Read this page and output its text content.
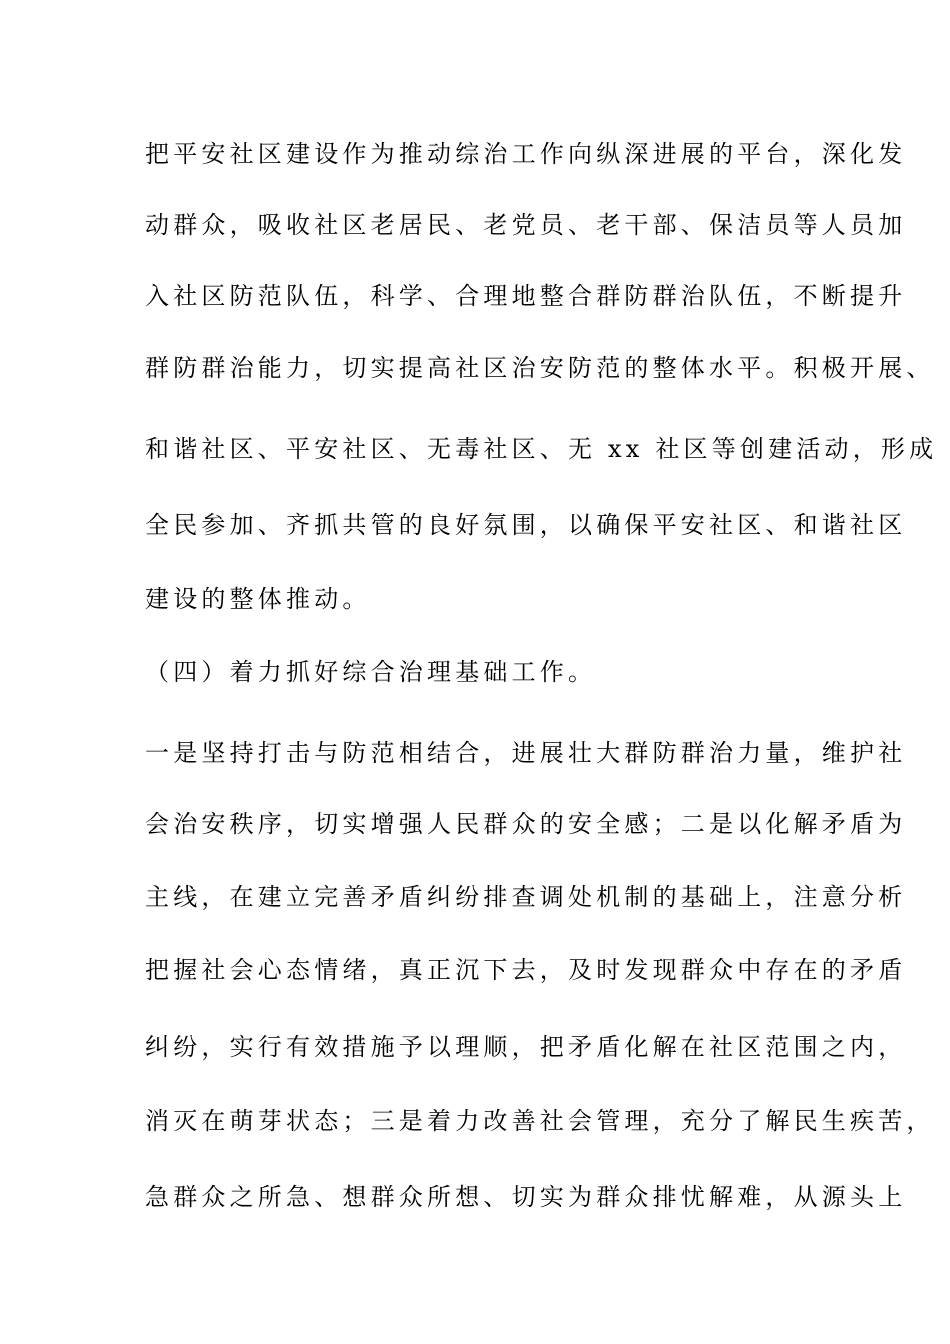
把平安社区建设作为推动综治工作向纵深进展的平台，深化发
动群众，吸收社区老居民、老党员、老干部、保洁员等人员加
入社区防范队伍，科学、合理地整合群防群治队伍，不断提升
群防群治能力，切实提高社区治安防范的整体水平。积极开展、
和谐社区、平安社区、无毒社区、无 xx 社区等创建活动，形成
全民参加、齐抓共管的良好氛围，以确保平安社区、和谐社区
建设的整体推动。
（四）着力抓好综合治理基础工作。
一是坚持打击与防范相结合，进展壮大群防群治力量，维护社
会治安秩序，切实增强人民群众的安全感；二是以化解矛盾为
主线，在建立完善矛盾纠纷排查调处机制的基础上，注意分析
把握社会心态情绪，真正沉下去，及时发现群众中存在的矛盾
纠纷，实行有效措施予以理顺，把矛盾化解在社区范围之内，
消灭在萌芽状态；三是着力改善社会管理，充分了解民生疾苦，
急群众之所急、想群众所想、切实为群众排忧解难，从源头上
